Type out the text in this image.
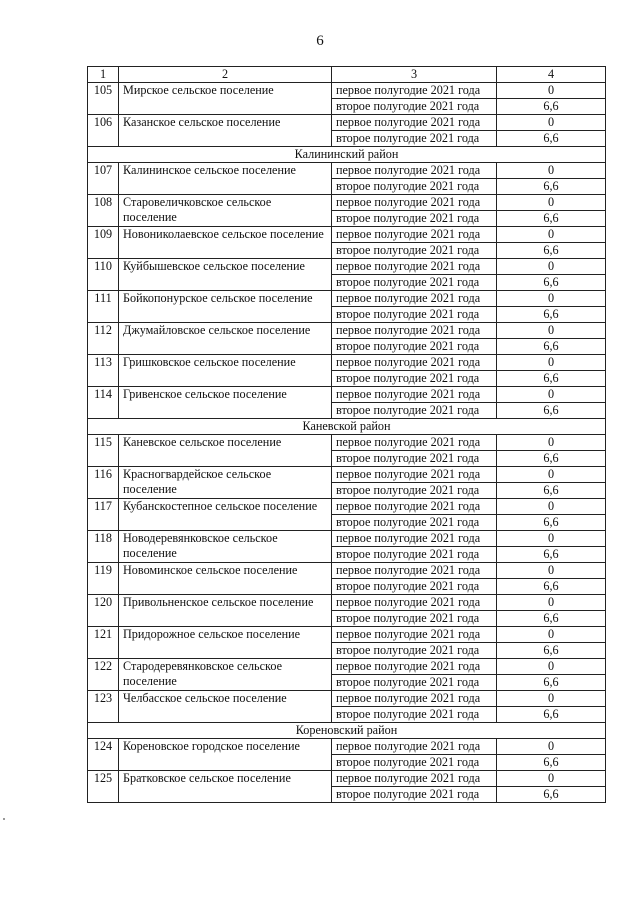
6
1	2	3	4
105	Мирское сельское поселение	первое полугодие 2021 года	0
		второе полугодие 2021 года	6,6
106	Казанское сельское поселение	первое полугодие 2021 года	0
		второе полугодие 2021 года	6,6
Калининский район			
107	Калининское сельское поселение	первое полугодие 2021 года	0
		второе полугодие 2021 года	6,6
108	Старовеличковское сельское поселение	первое полугодие 2021 года	0
		второе полугодие 2021 года	6,6
109	Новониколаевское сельское поселение	первое полугодие 2021 года	0
		второе полугодие 2021 года	6,6
110	Куйбышевское сельское поселение	первое полугодие 2021 года	0
		второе полугодие 2021 года	6,6
111	Бойкопонурское сельское поселение	первое полугодие 2021 года	0
		второе полугодие 2021 года	6,6
112	Джумайловское сельское поселение	первое полугодие 2021 года	0
		второе полугодие 2021 года	6,6
113	Гришковское сельское поселение	первое полугодие 2021 года	0
		второе полугодие 2021 года	6,6
114	Гривенское сельское поселение	первое полугодие 2021 года	0
		второе полугодие 2021 года	6,6
Каневской район			
115	Каневское сельское поселение	первое полугодие 2021 года	0
		второе полугодие 2021 года	6,6
116	Красногвардейское сельское поселение	первое полугодие 2021 года	0
		второе полугодие 2021 года	6,6
117	Кубанскостепное сельское поселение	первое полугодие 2021 года	0
		второе полугодие 2021 года	6,6
118	Новодеревянковское сельское поселение	первое полугодие 2021 года	0
		второе полугодие 2021 года	6,6
119	Новоминское сельское поселение	первое полугодие 2021 года	0
		второе полугодие 2021 года	6,6
120	Привольненское сельское поселение	первое полугодие 2021 года	0
		второе полугодие 2021 года	6,6
121	Придорожное сельское поселение	первое полугодие 2021 года	0
		второе полугодие 2021 года	6,6
122	Стародеревянковское сельское поселение	первое полугодие 2021 года	0
		второе полугодие 2021 года	6,6
123	Челбасское сельское поселение	первое полугодие 2021 года	0
		второе полугодие 2021 года	6,6
Кореновский район			
124	Кореновское городское поселение	первое полугодие 2021 года	0
		второе полугодие 2021 года	6,6
125	Братковское сельское поселение	первое полугодие 2021 года	0
		второе полугодие 2021 года	6,6
